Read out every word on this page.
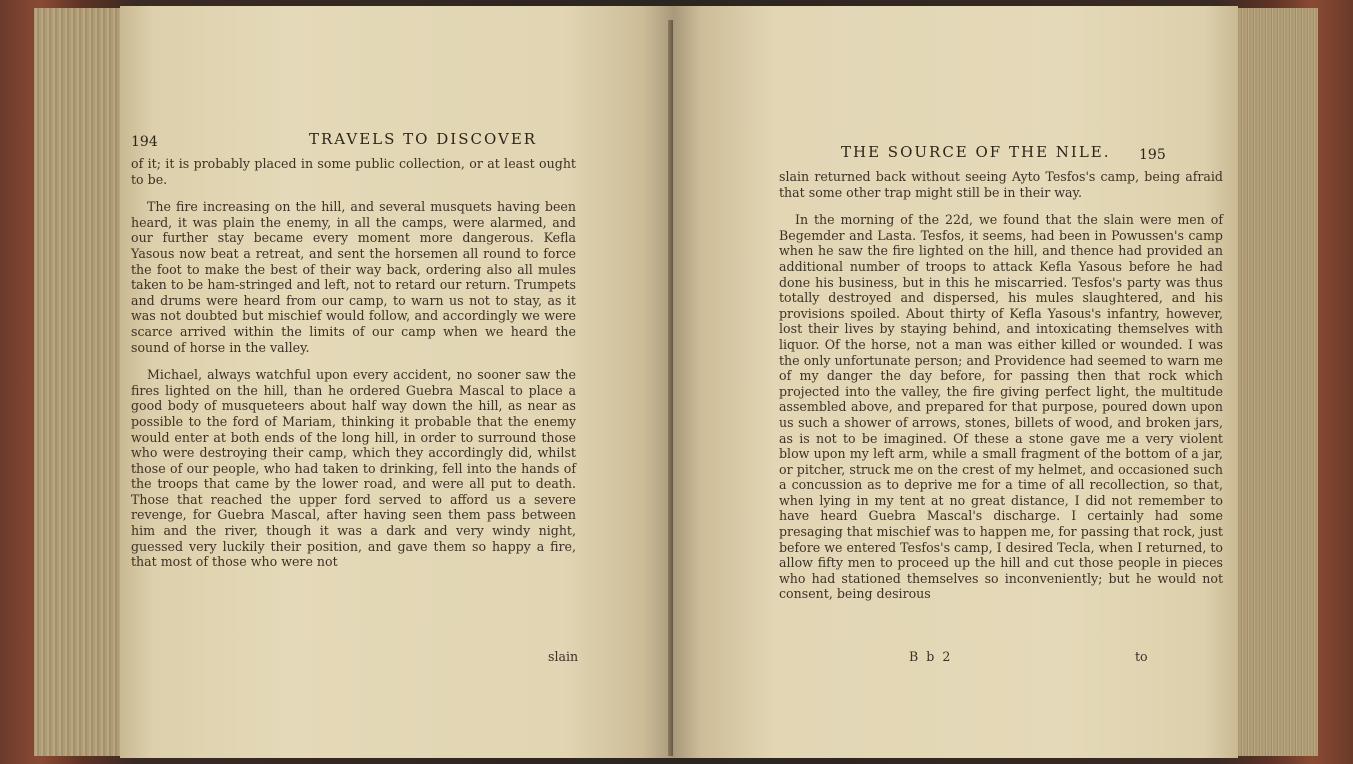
194	TRAVELS TO DISCOVER

of it; it is probably placed in some public collection, or at least ought to be.

The fire increasing on the hill, and several musquets having been heard, it was plain the enemy, in all the camps, were alarmed, and our further stay became every moment more dangerous. Kefla Yasous now beat a retreat, and sent the horsemen all round to force the foot to make the best of their way back, ordering also all mules taken to be ham-stringed and left, not to retard our return. Trumpets and drums were heard from our camp, to warn us not to stay, as it was not doubted but mischief would follow, and accordingly we were scarce arrived within the limits of our camp when we heard the sound of horse in the valley.

Michael, always watchful upon every accident, no sooner saw the fires lighted on the hill, than he ordered Guebra Mascal to place a good body of musqueteers about half way down the hill, as near as possible to the ford of Mariam, thinking it probable that the enemy would enter at both ends of the long hill, in order to surround those who were destroying their camp, which they accordingly did, whilst those of our people, who had taken to drinking, fell into the hands of the troops that came by the lower road, and were all put to death. Those that reached the upper ford served to afford us a severe revenge, for Guebra Mascal, after having seen them pass between him and the river, though it was a dark and very windy night, guessed very luckily their position, and gave them so happy a fire, that most of those who were not

slain
THE SOURCE OF THE NILE. 195

slain returned back without seeing Ayto Tesfos's camp, being afraid that some other trap might still be in their way.

In the morning of the 22d, we found that the slain were men of Begemder and Lasta. Tesfos, it seems, had been in Powussen's camp when he saw the fire lighted on the hill, and thence had provided an additional number of troops to attack Kefla Yasous before he had done his business, but in this he miscarried. Tesfos's party was thus totally destroyed and dispersed, his mules slaughtered, and his provisions spoiled. About thirty of Kefla Yasous's infantry, however, lost their lives by staying behind, and intoxicating themselves with liquor. Of the horse, not a man was either killed or wounded. I was the only unfortunate person; and Providence had seemed to warn me of my danger the day before, for passing then that rock which projected into the valley, the fire giving perfect light, the multitude assembled above, and prepared for that purpose, poured down upon us such a shower of arrows, stones, billets of wood, and broken jars, as is not to be imagined. Of these a stone gave me a very violent blow upon my left arm, while a small fragment of the bottom of a jar, or pitcher, struck me on the crest of my helmet, and occasioned such a concussion as to deprive me for a time of all recollection, so that, when lying in my tent at no great distance, I did not remember to have heard Guebra Mascal's discharge. I certainly had some presaging that mischief was to happen me, for passing that rock, just before we entered Tesfos's camp, I desired Tecla, when I returned, to allow fifty men to proceed up the hill and cut those people in pieces who had stationed themselves so inconveniently; but he would not consent, being desirous

B b 2	to
